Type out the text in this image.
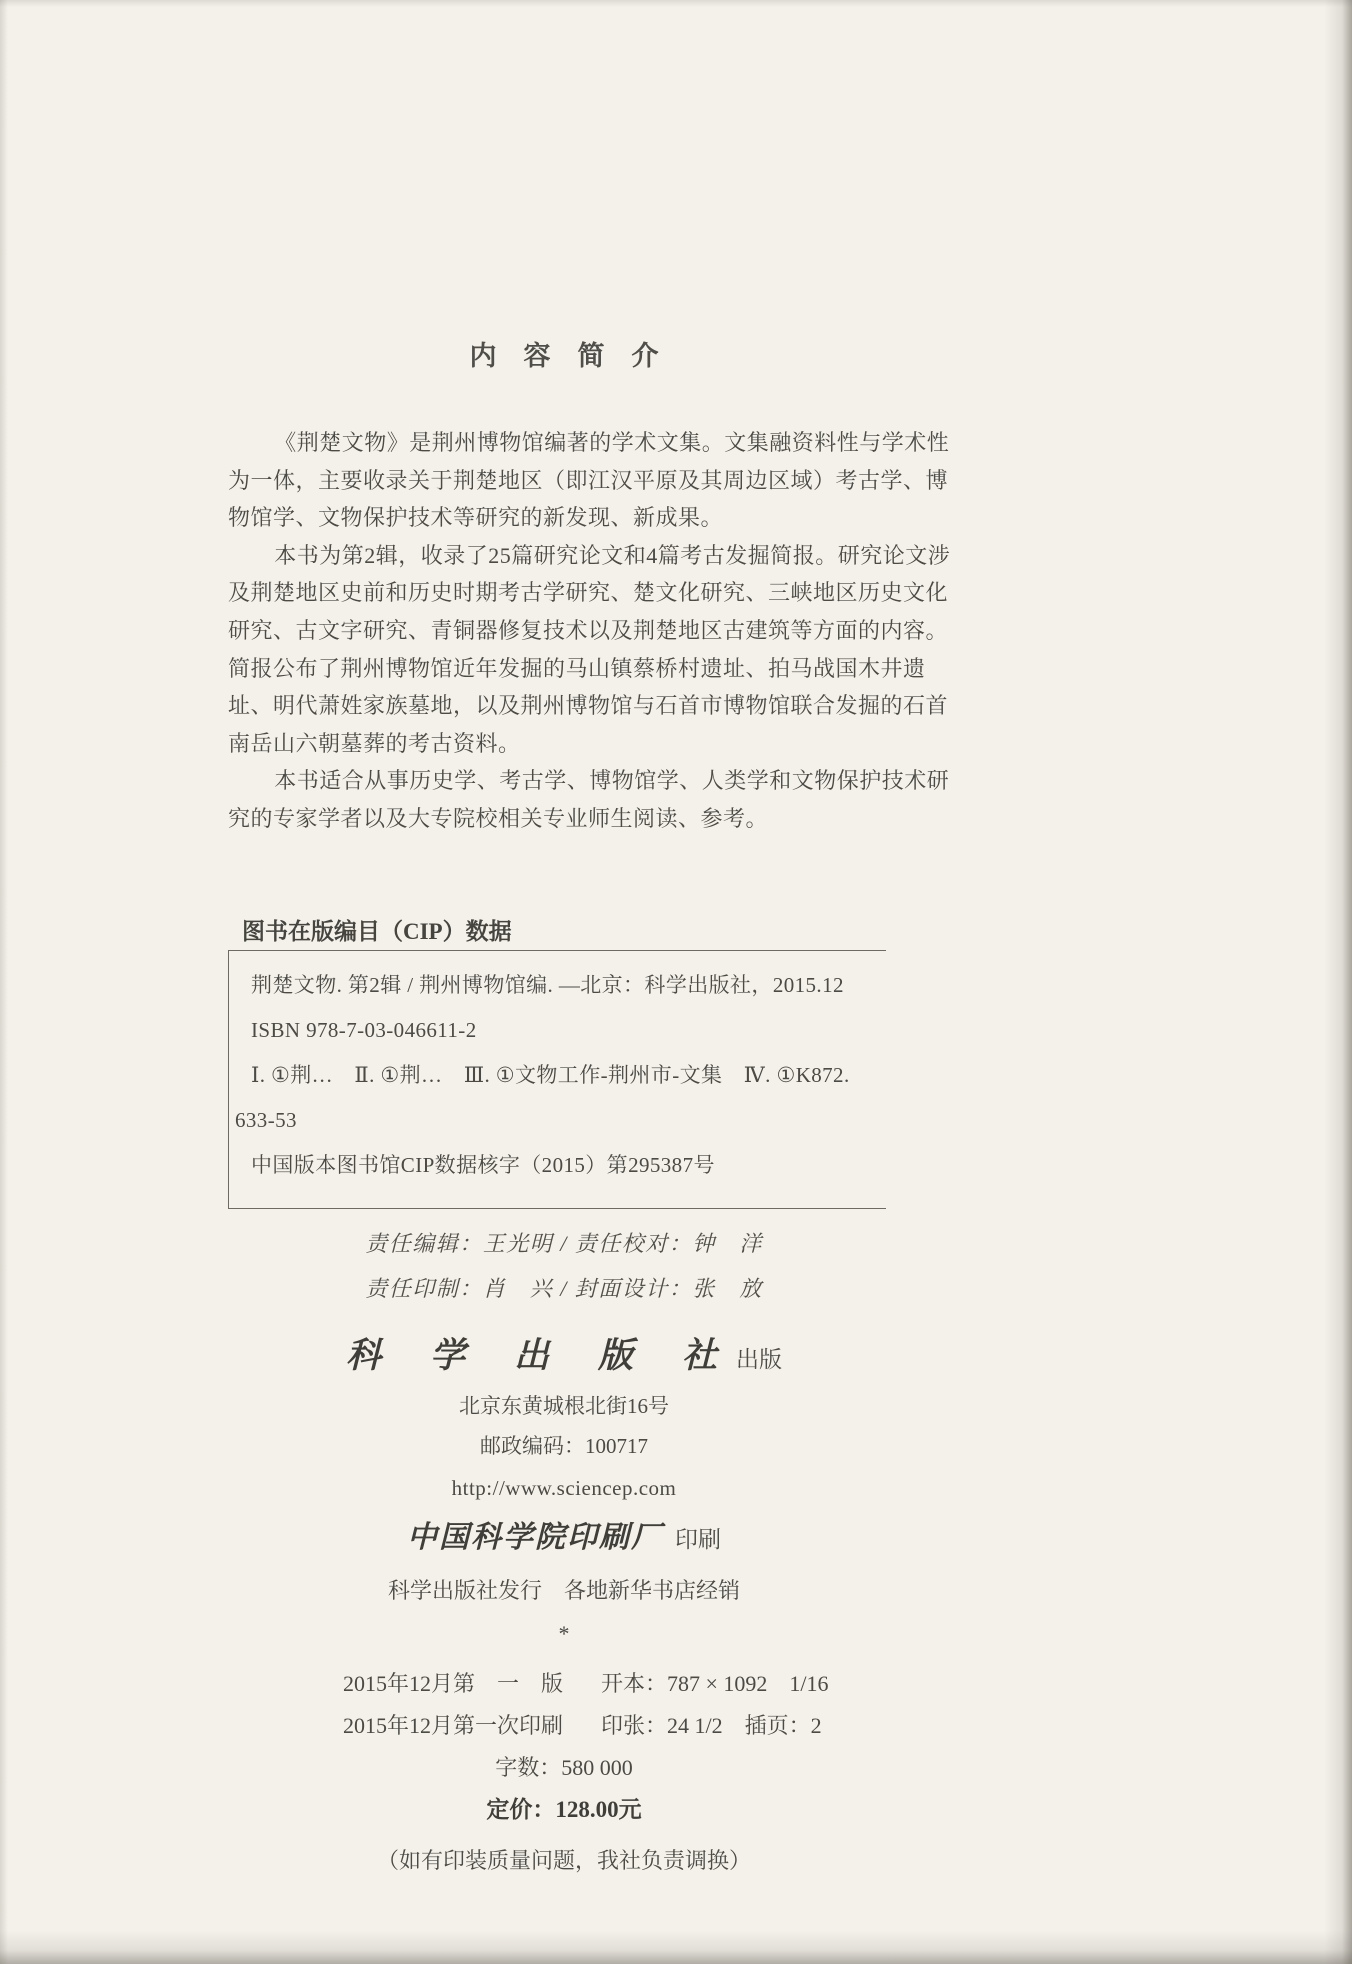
内　容　简　介
《荆楚文物》是荆州博物馆编著的学术文集。文集融资料性与学术性
为一体，主要收录关于荆楚地区（即江汉平原及其周边区域）考古学、博
物馆学、文物保护技术等研究的新发现、新成果。
本书为第2辑，收录了25篇研究论文和4篇考古发掘简报。研究论文涉
及荆楚地区史前和历史时期考古学研究、楚文化研究、三峡地区历史文化
研究、古文字研究、青铜器修复技术以及荆楚地区古建筑等方面的内容。
简报公布了荆州博物馆近年发掘的马山镇蔡桥村遗址、拍马战国木井遗
址、明代萧姓家族墓地，以及荆州博物馆与石首市博物馆联合发掘的石首
南岳山六朝墓葬的考古资料。
本书适合从事历史学、考古学、博物馆学、人类学和文物保护技术研
究的专家学者以及大专院校相关专业师生阅读、参考。
图书在版编目（CIP）数据
荆楚文物. 第2辑 / 荆州博物馆编. —北京：科学出版社，2015.12
ISBN 978-7-03-046611-2
Ⅰ. ①荆…　Ⅱ. ①荆…　Ⅲ. ①文物工作-荆州市-文集　Ⅳ. ①K872.
633-53
中国版本图书馆CIP数据核字（2015）第295387号
责任编辑：王光明 / 责任校对：钟　洋
责任印制：肖　兴 / 封面设计：张　放
科　学　出　版　社 出版
北京东黄城根北街16号
邮政编码：100717
http://www.sciencep.com
中国科学院印刷厂 印刷
科学出版社发行　各地新华书店经销
*
2015年12月第　一　版	开本：787 × 1092　1/16
2015年12月第一次印刷	印张：24 1/2　插页：2
字数：580 000
定价：128.00元
（如有印装质量问题，我社负责调换）
